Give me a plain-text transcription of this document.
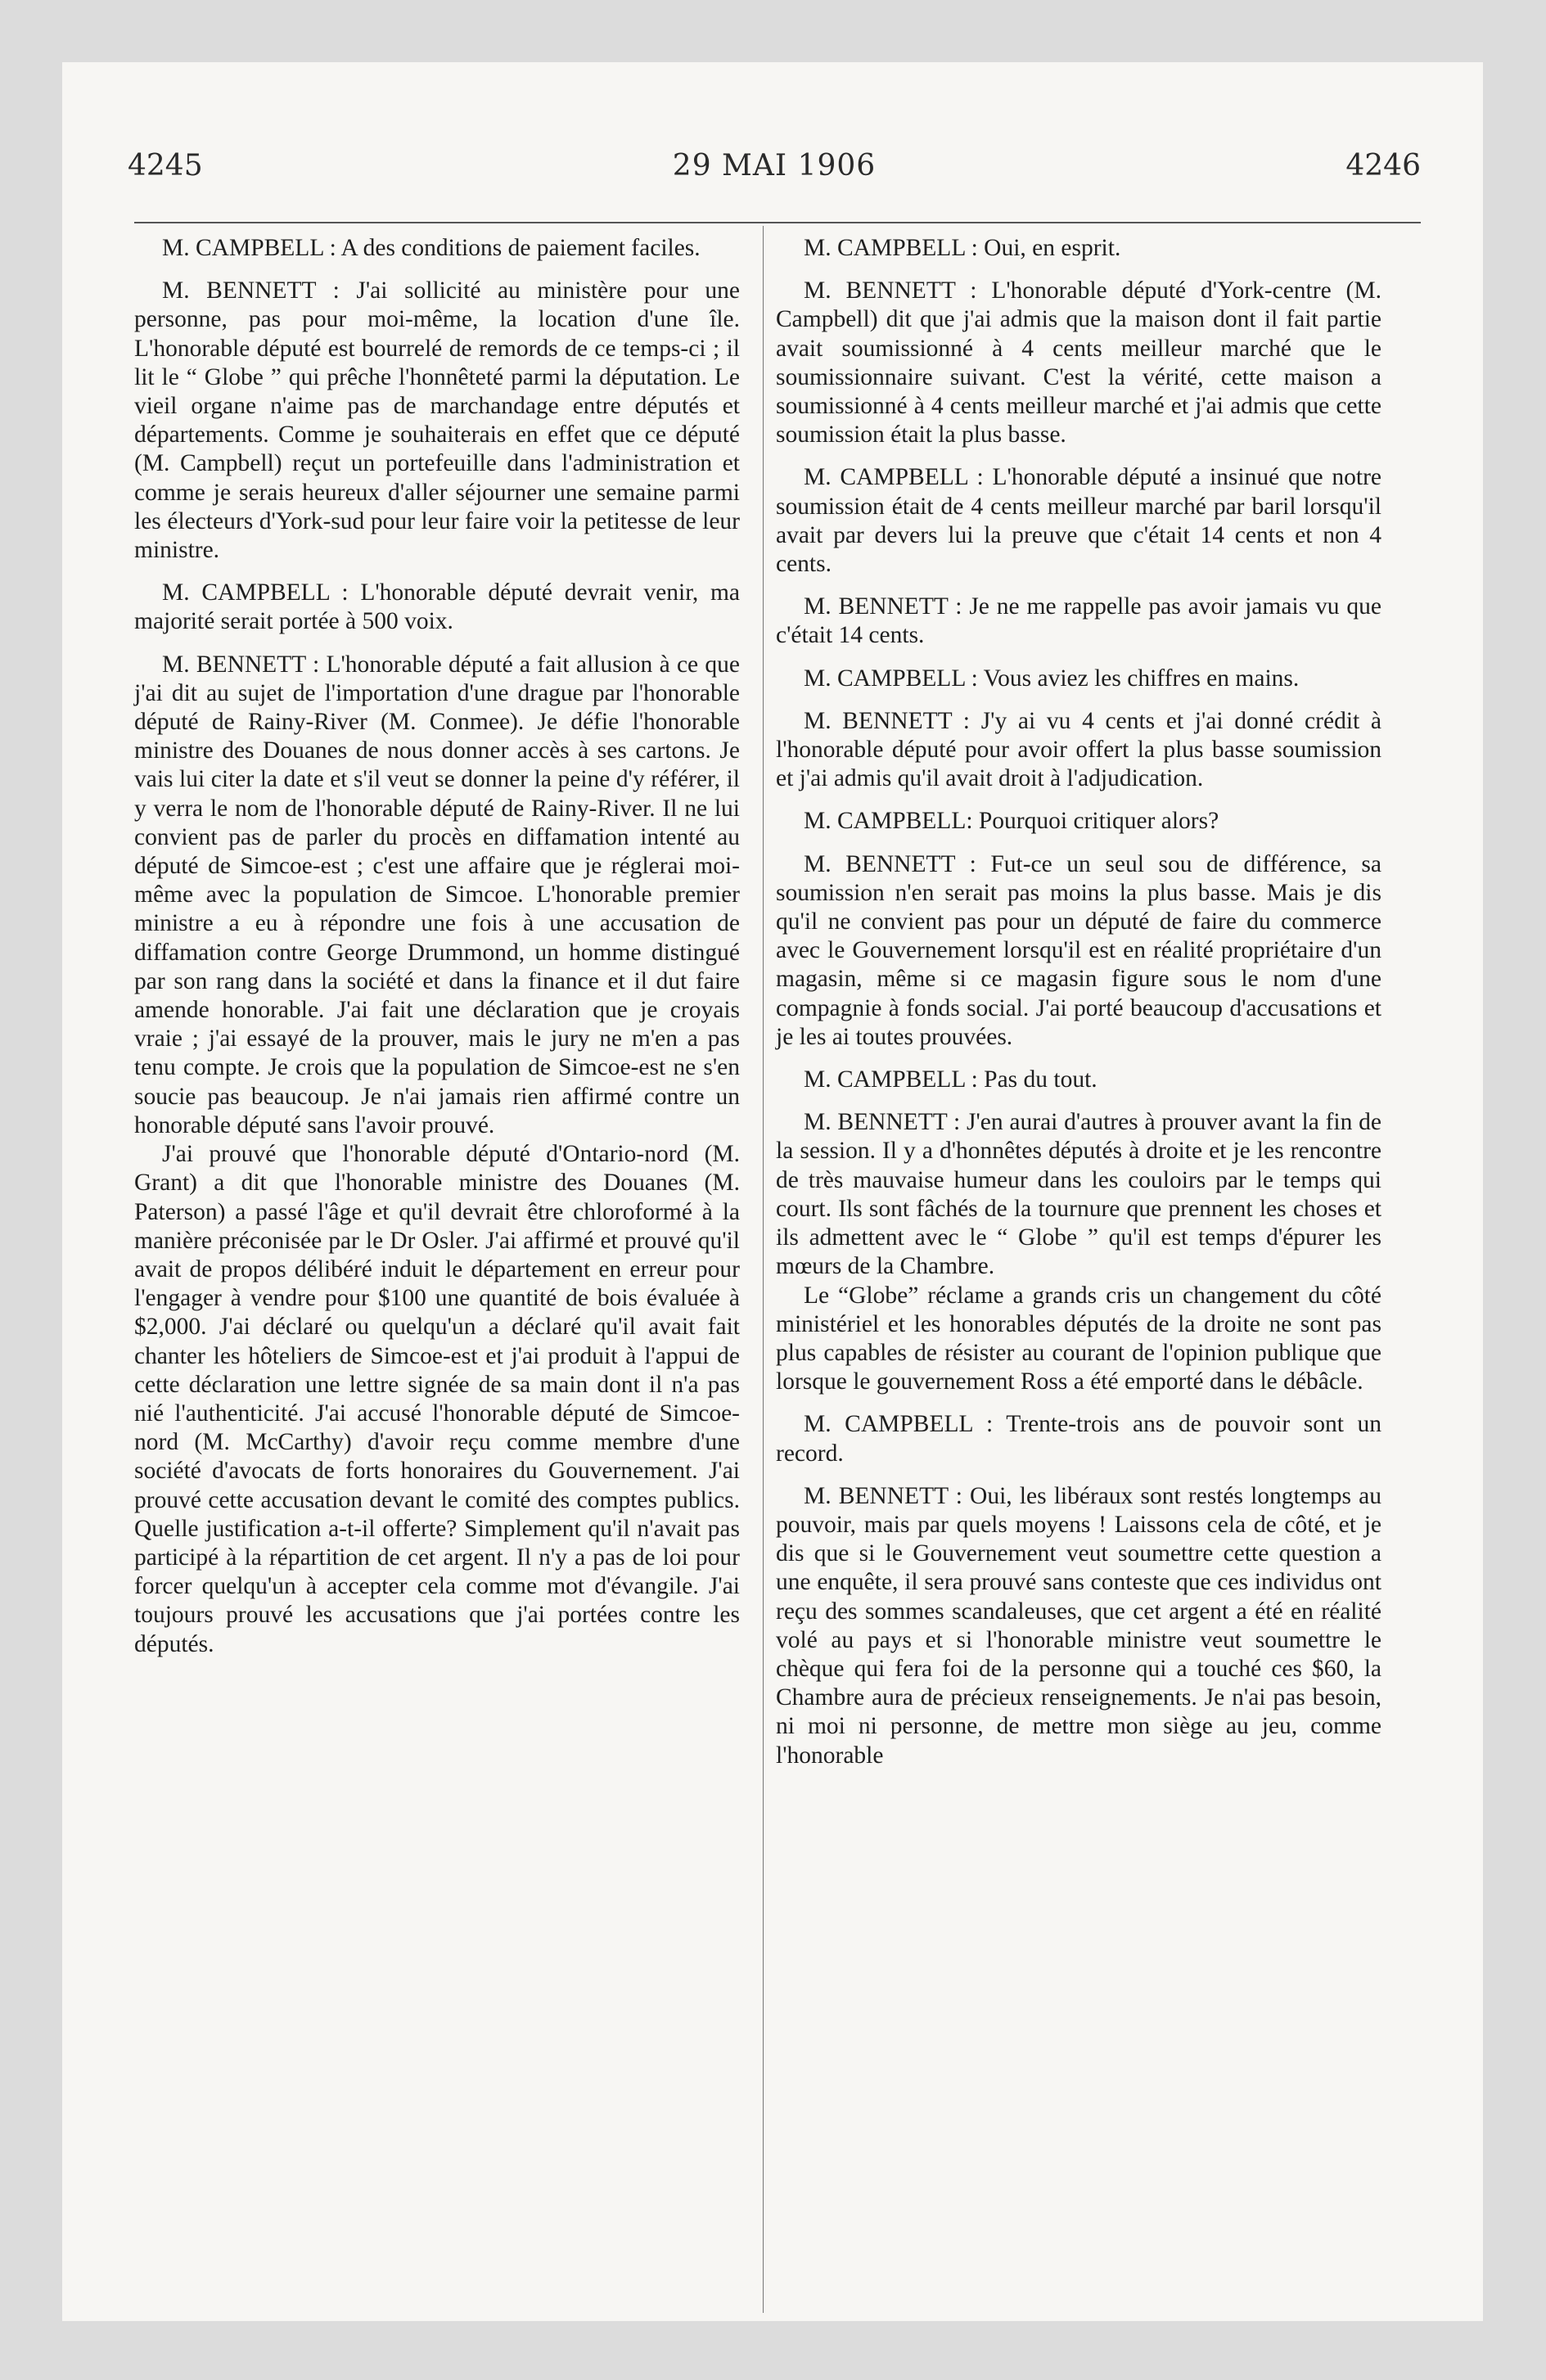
4245	29 MAI 1906	4246

M. CAMPBELL : A des conditions de paiement faciles.

M. BENNETT : J'ai sollicité au ministère pour une personne, pas pour moi-même, la location d'une île. L'honorable député est bourrelé de remords de ce temps-ci ; il lit le “ Globe ” qui prêche l'honnêteté parmi la députation. Le vieil organe n'aime pas de marchandage entre députés et départements. Comme je souhaiterais en effet que ce député (M. Campbell) reçut un portefeuille dans l'administration et comme je serais heureux d'aller séjourner une semaine parmi les électeurs d'York-sud pour leur faire voir la petitesse de leur ministre.

M. CAMPBELL : L'honorable député devrait venir, ma majorité serait portée à 500 voix.

M. BENNETT : L'honorable député a fait allusion à ce que j'ai dit au sujet de l'importation d'une drague par l'honorable député de Rainy-River (M. Conmee). Je défie l'honorable ministre des Douanes de nous donner accès à ses cartons. Je vais lui citer la date et s'il veut se donner la peine d'y référer, il y verra le nom de l'honorable député de Rainy-River. Il ne lui convient pas de parler du procès en diffamation intenté au député de Simcoe-est ; c'est une affaire que je réglerai moi-même avec la population de Simcoe. L'honorable premier ministre a eu à répondre une fois à une accusation de diffamation contre George Drummond, un homme distingué par son rang dans la société et dans la finance et il dut faire amende honorable. J'ai fait une déclaration que je croyais vraie ; j'ai essayé de la prouver, mais le jury ne m'en a pas tenu compte. Je crois que la population de Simcoe-est ne s'en soucie pas beaucoup. Je n'ai jamais rien affirmé contre un honorable député sans l'avoir prouvé.

J'ai prouvé que l'honorable député d'Ontario-nord (M. Grant) a dit que l'honorable ministre des Douanes (M. Paterson) a passé l'âge et qu'il devrait être chloroformé à la manière préconisée par le Dr Osler. J'ai affirmé et prouvé qu'il avait de propos délibéré induit le département en erreur pour l'engager à vendre pour $100 une quantité de bois évaluée à $2,000. J'ai déclaré ou quelqu'un a déclaré qu'il avait fait chanter les hôteliers de Simcoe-est et j'ai produit à l'appui de cette déclaration une lettre signée de sa main dont il n'a pas nié l'authenticité. J'ai accusé l'honorable député de Simcoe-nord (M. McCarthy) d'avoir reçu comme membre d'une société d'avocats de forts honoraires du Gouvernement. J'ai prouvé cette accusation devant le comité des comptes publics. Quelle justification a-t-il offerte? Simplement qu'il n'avait pas participé à la répartition de cet argent. Il n'y a pas de loi pour forcer quelqu'un à accepter cela comme mot d'évangile. J'ai toujours prouvé les accusations que j'ai portées contre les députés.

M. CAMPBELL : Oui, en esprit.

M. BENNETT : L'honorable député d'York-centre (M. Campbell) dit que j'ai admis que la maison dont il fait partie avait soumissionné à 4 cents meilleur marché que le soumissionnaire suivant. C'est la vérité, cette maison a soumissionné à 4 cents meilleur marché et j'ai admis que cette soumission était la plus basse.

M. CAMPBELL : L'honorable député a insinué que notre soumission était de 4 cents meilleur marché par baril lorsqu'il avait par devers lui la preuve que c'était 14 cents et non 4 cents.

M. BENNETT : Je ne me rappelle pas avoir jamais vu que c'était 14 cents.

M. CAMPBELL : Vous aviez les chiffres en mains.

M. BENNETT : J'y ai vu 4 cents et j'ai donné crédit à l'honorable député pour avoir offert la plus basse soumission et j'ai admis qu'il avait droit à l'adjudication.

M. CAMPBELL: Pourquoi critiquer alors?

M. BENNETT : Fut-ce un seul sou de différence, sa soumission n'en serait pas moins la plus basse. Mais je dis qu'il ne convient pas pour un député de faire du commerce avec le Gouvernement lorsqu'il est en réalité propriétaire d'un magasin, même si ce magasin figure sous le nom d'une compagnie à fonds social. J'ai porté beaucoup d'accusations et je les ai toutes prouvées.

M. CAMPBELL : Pas du tout.

M. BENNETT : J'en aurai d'autres à prouver avant la fin de la session. Il y a d'honnêtes députés à droite et je les rencontre de très mauvaise humeur dans les couloirs par le temps qui court. Ils sont fâchés de la tournure que prennent les choses et ils admettent avec le “ Globe ” qu'il est temps d'épurer les mœurs de la Chambre.

Le “Globe” réclame a grands cris un changement du côté ministériel et les honorables députés de la droite ne sont pas plus capables de résister au courant de l'opinion publique que lorsque le gouvernement Ross a été emporté dans le débâcle.

M. CAMPBELL : Trente-trois ans de pouvoir sont un record.

M. BENNETT : Oui, les libéraux sont restés longtemps au pouvoir, mais par quels moyens ! Laissons cela de côté, et je dis que si le Gouvernement veut soumettre cette question a une enquête, il sera prouvé sans conteste que ces individus ont reçu des sommes scandaleuses, que cet argent a été en réalité volé au pays et si l'honorable ministre veut soumettre le chèque qui fera foi de la personne qui a touché ces $60, la Chambre aura de précieux renseignements. Je n'ai pas besoin, ni moi ni personne, de mettre mon siège au jeu, comme l'honorable
